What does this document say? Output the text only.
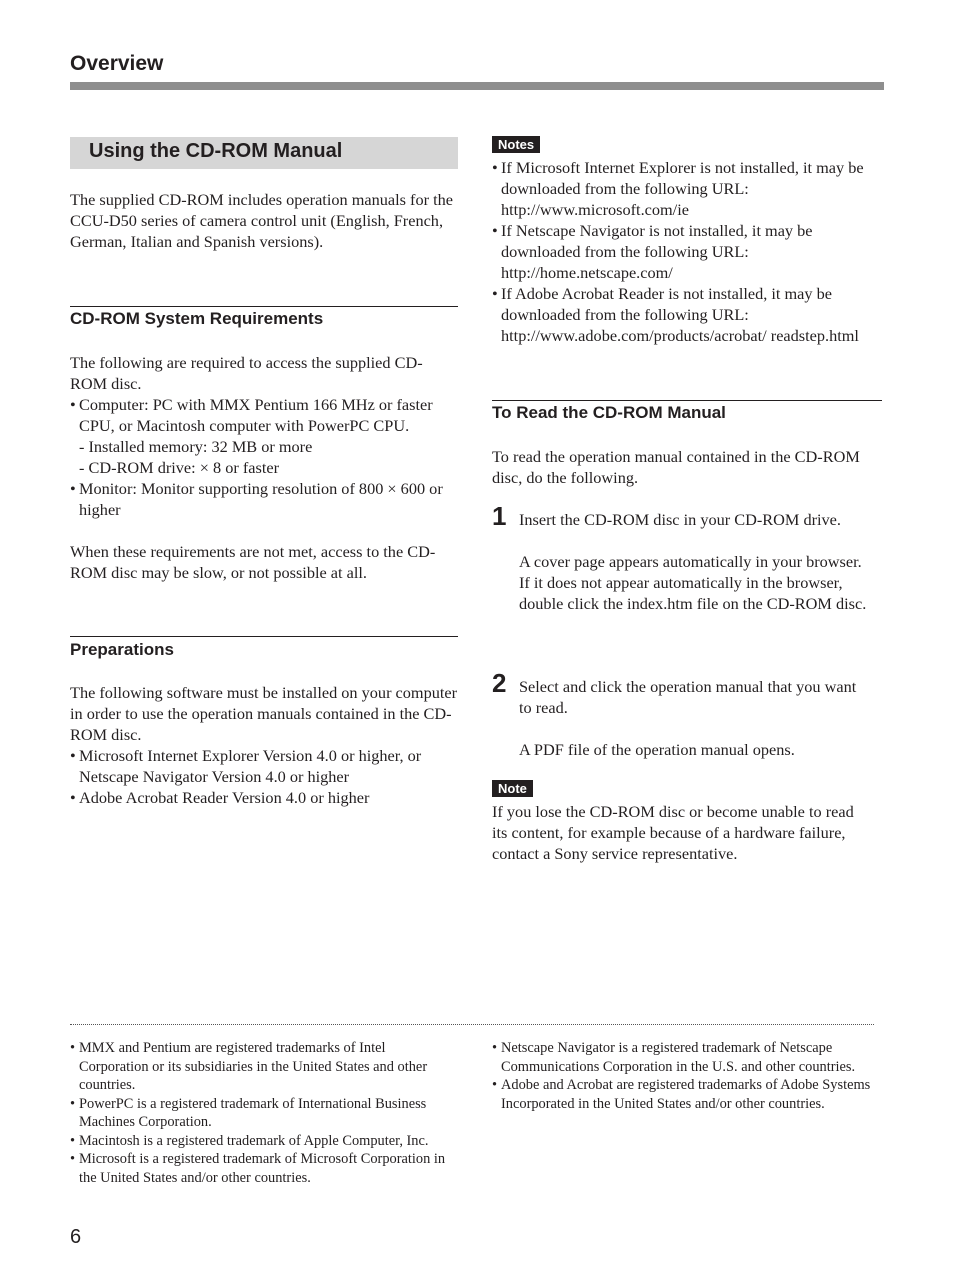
Overview
Using the CD-ROM Manual
The supplied CD-ROM includes operation manuals for the CCU-D50 series of camera control unit (English, French, German, Italian and Spanish versions).
CD-ROM System Requirements

The following are required to access the supplied CD-ROM disc.

• Computer: PC with MMX Pentium 166 MHz or faster CPU, or Macintosh computer with PowerPC CPU.
- Installed memory: 32 MB or more
- CD-ROM drive: × 8 or faster
• Monitor: Monitor supporting resolution of 800 × 600 or higher

When these requirements are not met, access to the CD-ROM disc may be slow, or not possible at all.

Preparations

The following software must be installed on your computer in order to use the operation manuals contained in the CD-ROM disc.

• Microsoft Internet Explorer Version 4.0 or higher, or Netscape Navigator Version 4.0 or higher
• Adobe Acrobat Reader Version 4.0 or higher
Notes
• If Microsoft Internet Explorer is not installed, it may be downloaded from the following URL: http://www.microsoft.com/ie
• If Netscape Navigator is not installed, it may be downloaded from the following URL: http://home.netscape.com/
• If Adobe Acrobat Reader is not installed, it may be downloaded from the following URL: http://www.adobe.com/products/acrobat/ readstep.html
To Read the CD-ROM Manual
To read the operation manual contained in the CD-ROM disc, do the following.
1 Insert the CD-ROM disc in your CD-ROM drive.

A cover page appears automatically in your browser.

If it does not appear automatically in the browser, double click the index.htm file on the CD-ROM disc.

2 Select and click the operation manual that you want to read.

A PDF file of the operation manual opens.

Note
If you lose the CD-ROM disc or become unable to read its content, for example because of a hardware failure, contact a Sony service representative.
• MMX and Pentium are registered trademarks of Intel Corporation or its subsidiaries in the United States and other countries.
• PowerPC is a registered trademark of International Business Machines Corporation.
• Macintosh is a registered trademark of Apple Computer, Inc.
• Microsoft is a registered trademark of Microsoft Corporation in the United States and/or other countries.
• Netscape Navigator is a registered trademark of Netscape Communications Corporation in the U.S. and other countries.
• Adobe and Acrobat are registered trademarks of Adobe Systems Incorporated in the United States and/or other countries.
6
